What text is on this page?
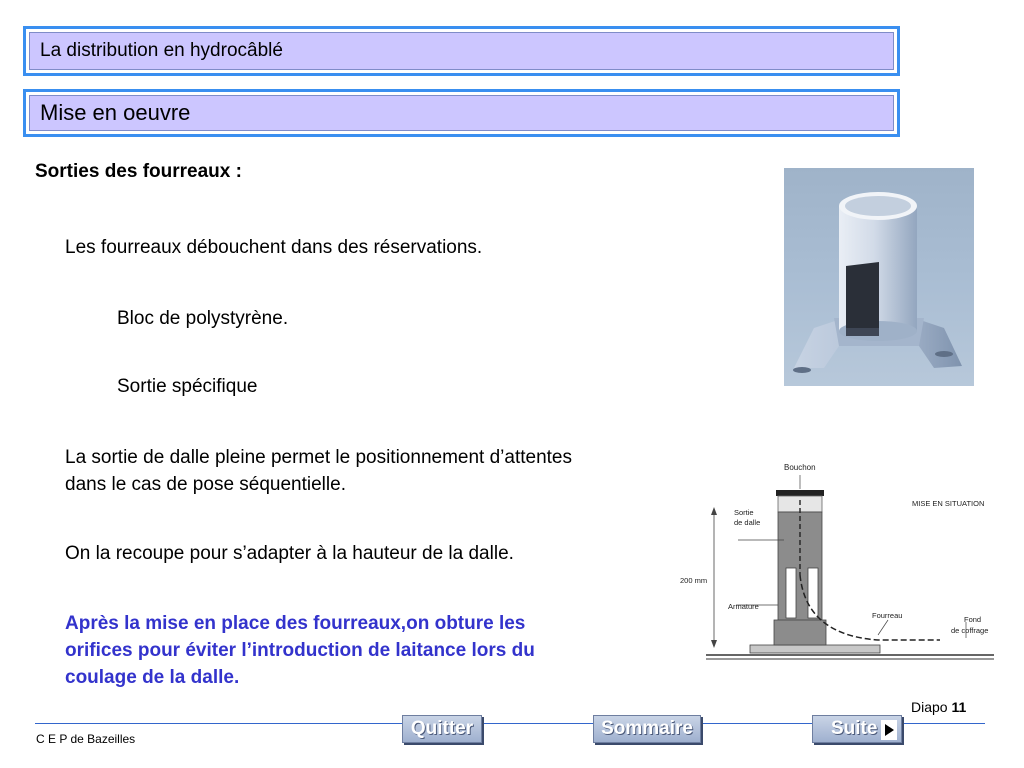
La distribution en hydrocâblé
Mise en oeuvre
Sorties des fourreaux :
Les fourreaux débouchent dans des réservations.
Bloc de polystyrène.
Sortie spécifique
La sortie de dalle pleine permet le positionnement d’attentes
dans le cas de pose séquentielle.
On la recoupe pour s’adapter à la hauteur de la dalle.
Après la mise en place des fourreaux,on obture les
orifices pour éviter l’introduction de laitance lors du
coulage de la dalle.
Bouchon
MISE EN SITUATION
Sortie
de dalle
200 mm
Armature
Fourreau	Fond
de coffrage
Diapo 11
C E P de Bazeilles	Quitter	Sommaire	Suite
